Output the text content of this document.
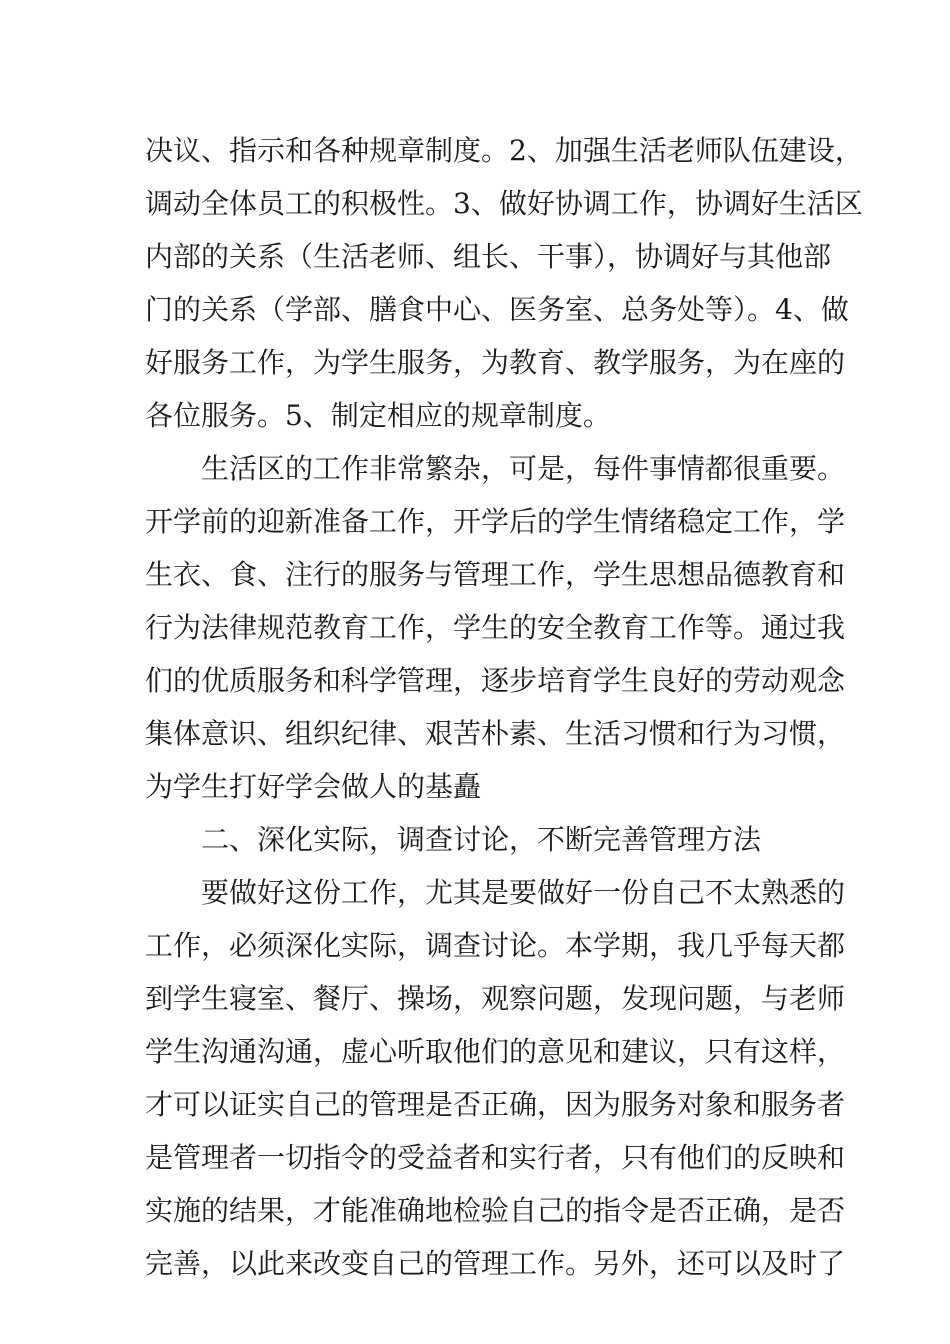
决议、指示和各种规章制度。2、加强生活老师队伍建设，
调动全体员工的积极性。3、做好协调工作，协调好生活区
内部的关系（生活老师、组长、干事），协调好与其他部
门的关系（学部、膳食中心、医务室、总务处等）。4、做
好服务工作，为学生服务，为教育、教学服务，为在座的
各位服务。5、制定相应的规章制度。
生活区的工作非常繁杂，可是，每件事情都很重要。
开学前的迎新准备工作，开学后的学生情绪稳定工作，学
生衣、食、注行的服务与管理工作，学生思想品德教育和
行为法律规范教育工作，学生的安全教育工作等。通过我
们的优质服务和科学管理，逐步培育学生良好的劳动观念
集体意识、组织纪律、艰苦朴素、生活习惯和行为习惯，
为学生打好学会做人的基矗
二、深化实际，调查讨论，不断完善管理方法
要做好这份工作，尤其是要做好一份自己不太熟悉的
工作，必须深化实际，调查讨论。本学期，我几乎每天都
到学生寝室、餐厅、操场，观察问题，发现问题，与老师
学生沟通沟通，虚心听取他们的意见和建议，只有这样，
才可以证实自己的管理是否正确，因为服务对象和服务者
是管理者一切指令的受益者和实行者，只有他们的反映和
实施的结果，才能准确地检验自己的指令是否正确，是否
完善，以此来改变自己的管理工作。另外，还可以及时了
